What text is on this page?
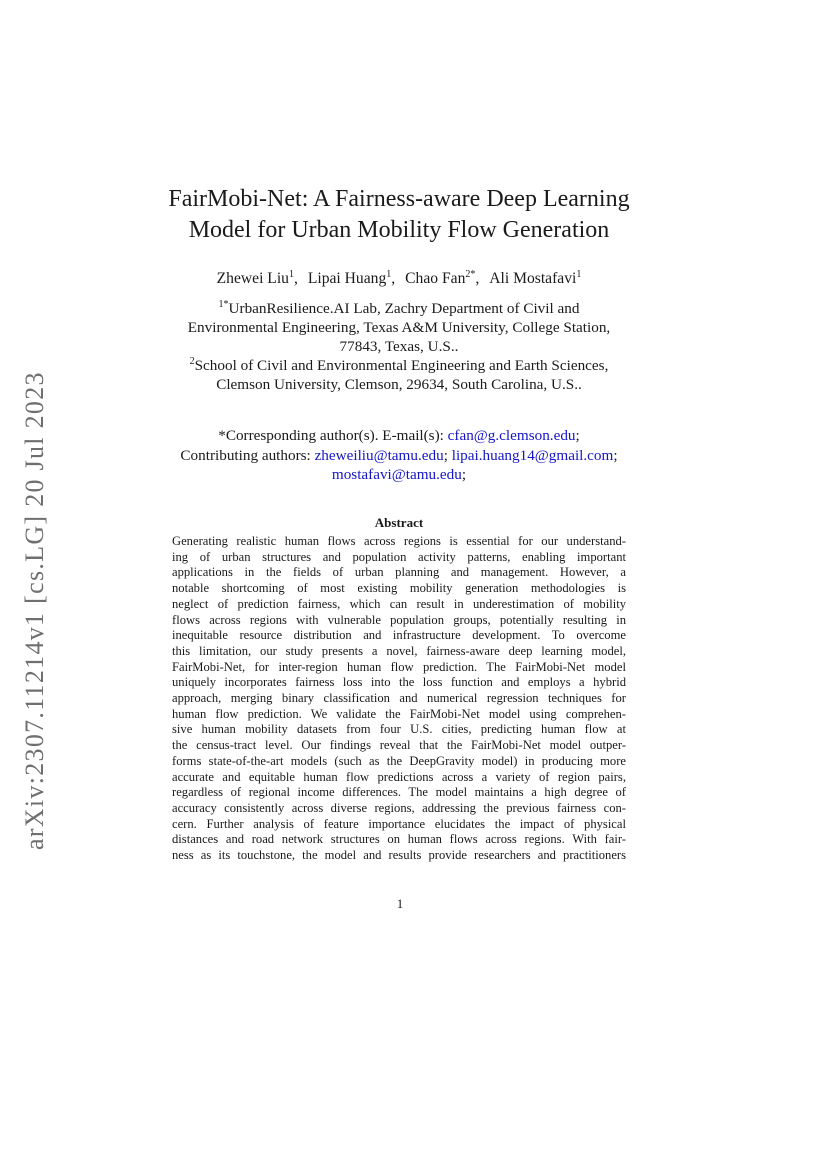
arXiv:2307.11214v1 [cs.LG] 20 Jul 2023
FairMobi-Net: A Fairness-aware Deep Learning
Model for Urban Mobility Flow Generation
Zhewei Liu$^1$, Lipai Huang$^1$, Chao Fan$^{2*}$, Ali Mostafavi$^1$
$^{1*}$UrbanResilience.AI Lab, Zachry Department of Civil and
Environmental Engineering, Texas A&M University, College Station,
77843, Texas, U.S..
$^2$School of Civil and Environmental Engineering and Earth Sciences,
Clemson University, Clemson, 29634, South Carolina, U.S..
*Corresponding author(s). E-mail(s): cfan@g.clemson.edu;
Contributing authors: zheweiliu@tamu.edu; lipai.huang14@gmail.com;
mostafavi@tamu.edu;
Abstract
Generating realistic human flows across regions is essential for our understand-
ing of urban structures and population activity patterns, enabling important
applications in the fields of urban planning and management. However, a
notable shortcoming of most existing mobility generation methodologies is
neglect of prediction fairness, which can result in underestimation of mobility
flows across regions with vulnerable population groups, potentially resulting in
inequitable resource distribution and infrastructure development. To overcome
this limitation, our study presents a novel, fairness-aware deep learning model,
FairMobi-Net, for inter-region human flow prediction. The FairMobi-Net model
uniquely incorporates fairness loss into the loss function and employs a hybrid
approach, merging binary classification and numerical regression techniques for
human flow prediction. We validate the FairMobi-Net model using comprehen-
sive human mobility datasets from four U.S. cities, predicting human flow at
the census-tract level. Our findings reveal that the FairMobi-Net model outper-
forms state-of-the-art models (such as the DeepGravity model) in producing more
accurate and equitable human flow predictions across a variety of region pairs,
regardless of regional income differences. The model maintains a high degree of
accuracy consistently across diverse regions, addressing the previous fairness con-
cern. Further analysis of feature importance elucidates the impact of physical
distances and road network structures on human flows across regions. With fair-
ness as its touchstone, the model and results provide researchers and practitioners
1
